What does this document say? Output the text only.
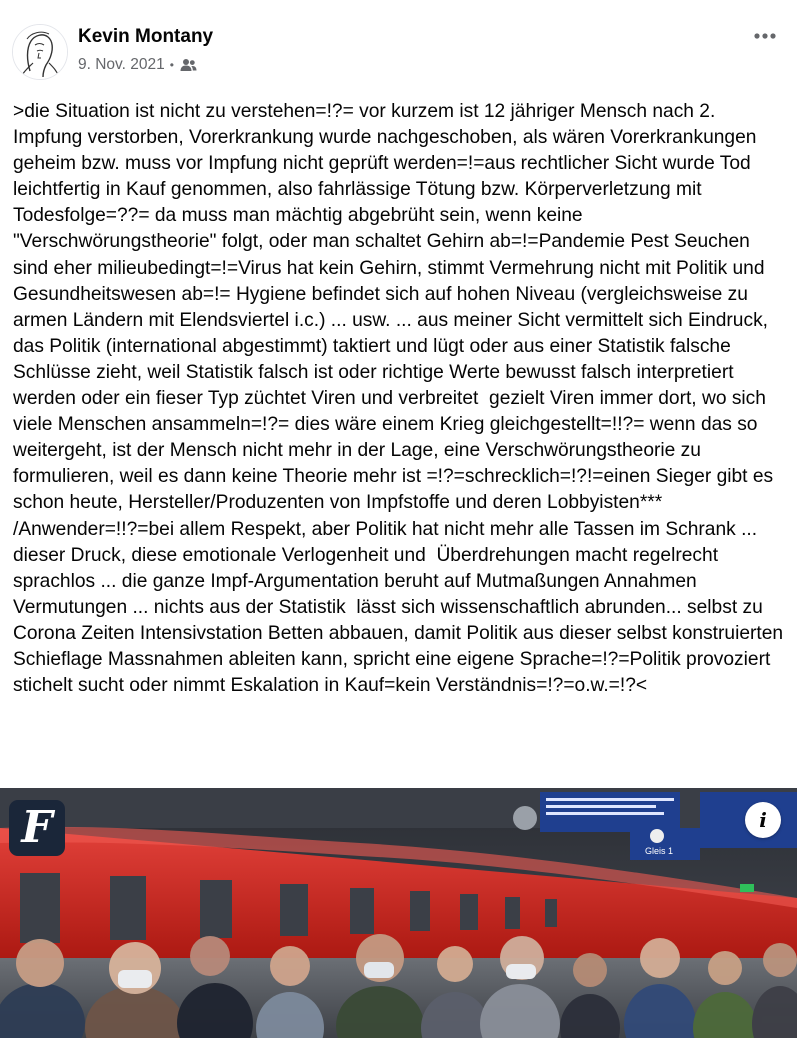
Kevin Montany
9. Nov. 2021 •

>die Situation ist nicht zu verstehen=!?= vor kurzem ist 12 jähriger Mensch nach 2. Impfung verstorben, Vorerkrankung wurde nachgeschoben, als wären Vorerkrankungen geheim bzw. muss vor Impfung nicht geprüft werden=!=aus rechtlicher Sicht wurde Tod leichtfertig in Kauf genommen, also fahrlässige Tötung bzw. Körperverletzung mit Todesfolge=??= da muss man mächtig abgebrüht sein, wenn keine "Verschwörungstheorie" folgt, oder man schaltet Gehirn ab=!=Pandemie Pest Seuchen sind eher milieubedingt=!=Virus hat kein Gehirn, stimmt Vermehrung nicht mit Politik und Gesundheitswesen ab=!= Hygiene befindet sich auf hohen Niveau (vergleichsweise zu armen Ländern mit Elendsviertel i.c.) ... usw. ... aus meiner Sicht vermittelt sich Eindruck, das Politik (international abgestimmt) taktiert und lügt oder aus einer Statistik falsche Schlüsse zieht, weil Statistik falsch ist oder richtige Werte bewusst falsch interpretiert werden oder ein fieser Typ züchtet Viren und verbreitet  gezielt Viren immer dort, wo sich viele Menschen ansammeln=!?= dies wäre einem Krieg gleichgestellt=!!?= wenn das so weitergeht, ist der Mensch nicht mehr in der Lage, eine Verschwörungstheorie zu formulieren, weil es dann keine Theorie mehr ist =!?=schrecklich=!?!=einen Sieger gibt es schon heute, Hersteller/Produzenten von Impfstoffe und deren Lobbyisten*** /Anwender=!!?=bei allem Respekt, aber Politik hat nicht mehr alle Tassen im Schrank ... dieser Druck, diese emotionale Verlogenheit und  Überdrehungen macht regelrecht sprachlos ... die ganze Impf-Argumentation beruht auf Mutmaßungen Annahmen Vermutungen ... nichts aus der Statistik  lässt sich wissenschaftlich abrunden... selbst zu Corona Zeiten Intensivstation Betten abbauen, damit Politik aus dieser selbst konstruierten Schieflage Massnahmen ableiten kann, spricht eine eigene Sprache=!?=Politik provoziert stichelt sucht oder nimmt Eskalation in Kauf=kein Verständnis=!?=o.w.=!?<

Gleis 1
F	i
